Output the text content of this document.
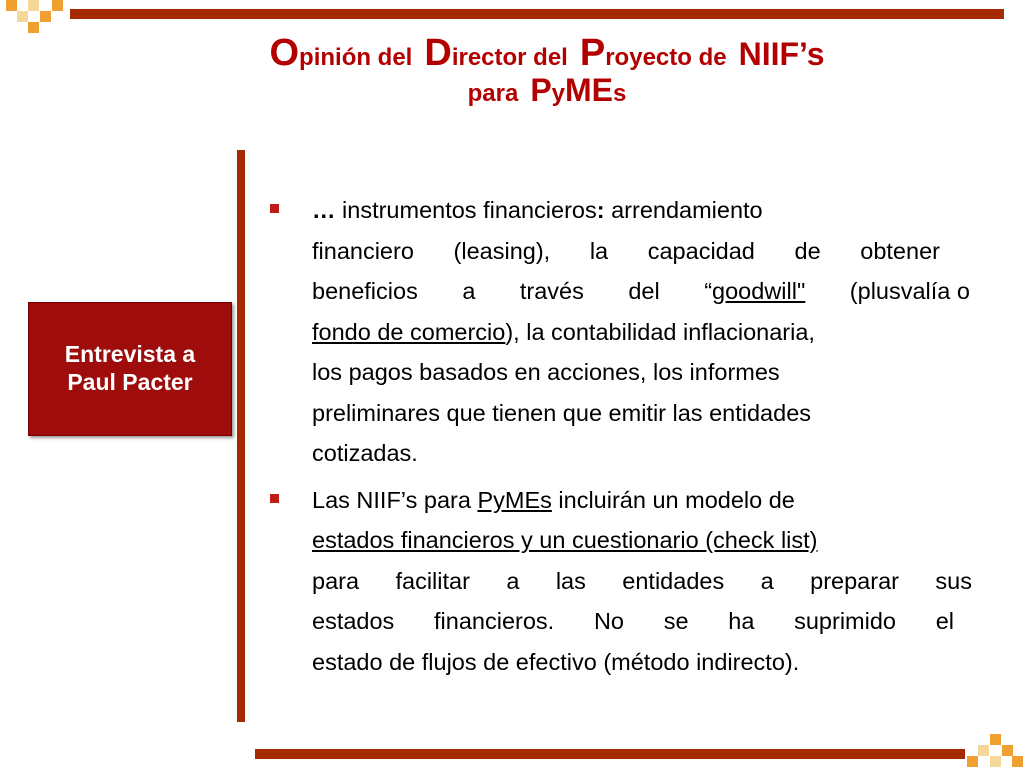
Opinión del Director del Proyecto de NIIF’s
para PyMEs
Entrevista a
Paul Pacter
… instrumentos financieros: arrendamiento
financiero (leasing), la capacidad de obtener
beneficios a través del “goodwill" (plusvalía o
fondo de comercio), la contabilidad inflacionaria,
los pagos basados en acciones, los informes
preliminares que tienen que emitir las entidades
cotizadas.
Las NIIF’s para PyMEs incluirán un modelo de
estados financieros y un cuestionario (check list)
para facilitar a las entidades a preparar sus
estados financieros. No se ha suprimido el
estado de flujos de efectivo (método indirecto).
